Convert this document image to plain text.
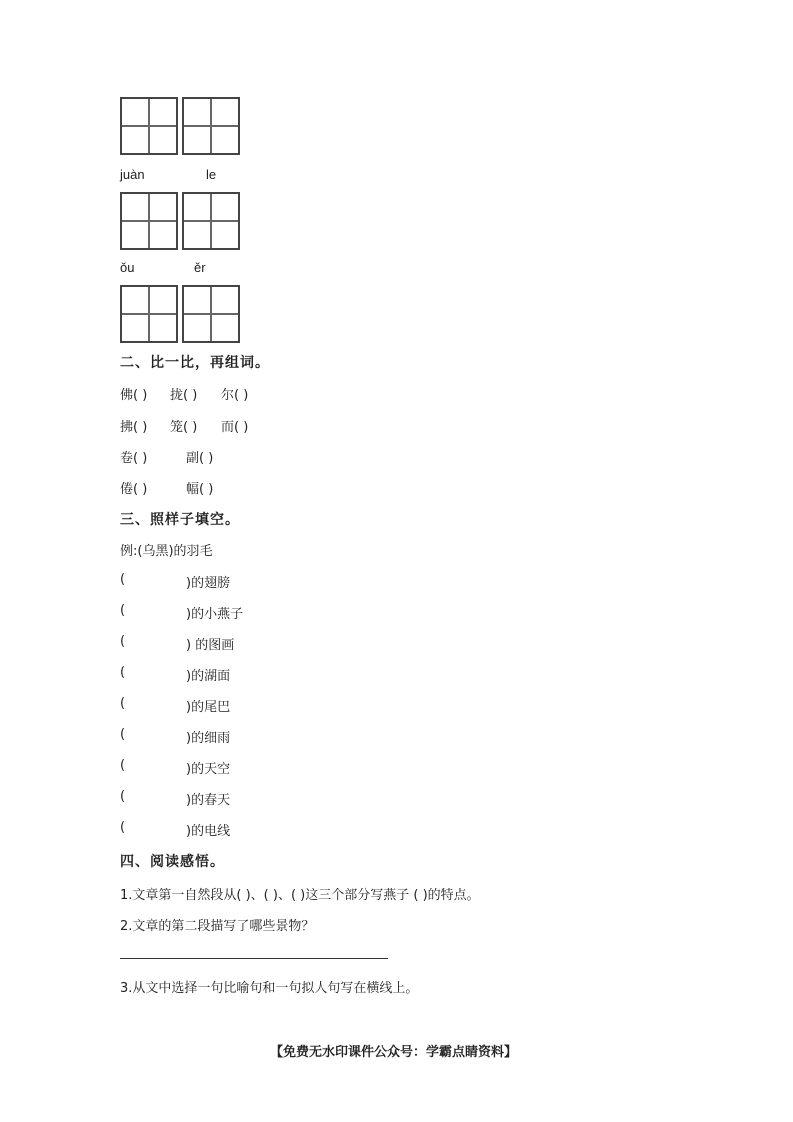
juàn	le
ǒu	ěr
二、比一比，再组词。
佛( ) 拢( ) 尔( )
拂( ) 笼( ) 而( )
卷( )	副( )
倦( )	幅( )
三、照样子填空。
例:(乌黑)的羽毛
(	)的翅膀
(	)的小燕子
(	) 的图画
(	)的湖面
(	)的尾巴
(	)的细雨
(	)的天空
(	)的春天
(	)的电线
四、阅读感悟。
1.文章第一自然段从( )、( )、( )这三个部分写燕子 ( )的特点。
2.文章的第二段描写了哪些景物？
3.从文中选择一句比喻句和一句拟人句写在横线上。
【免费无水印课件公众号：学霸点睛资料】
